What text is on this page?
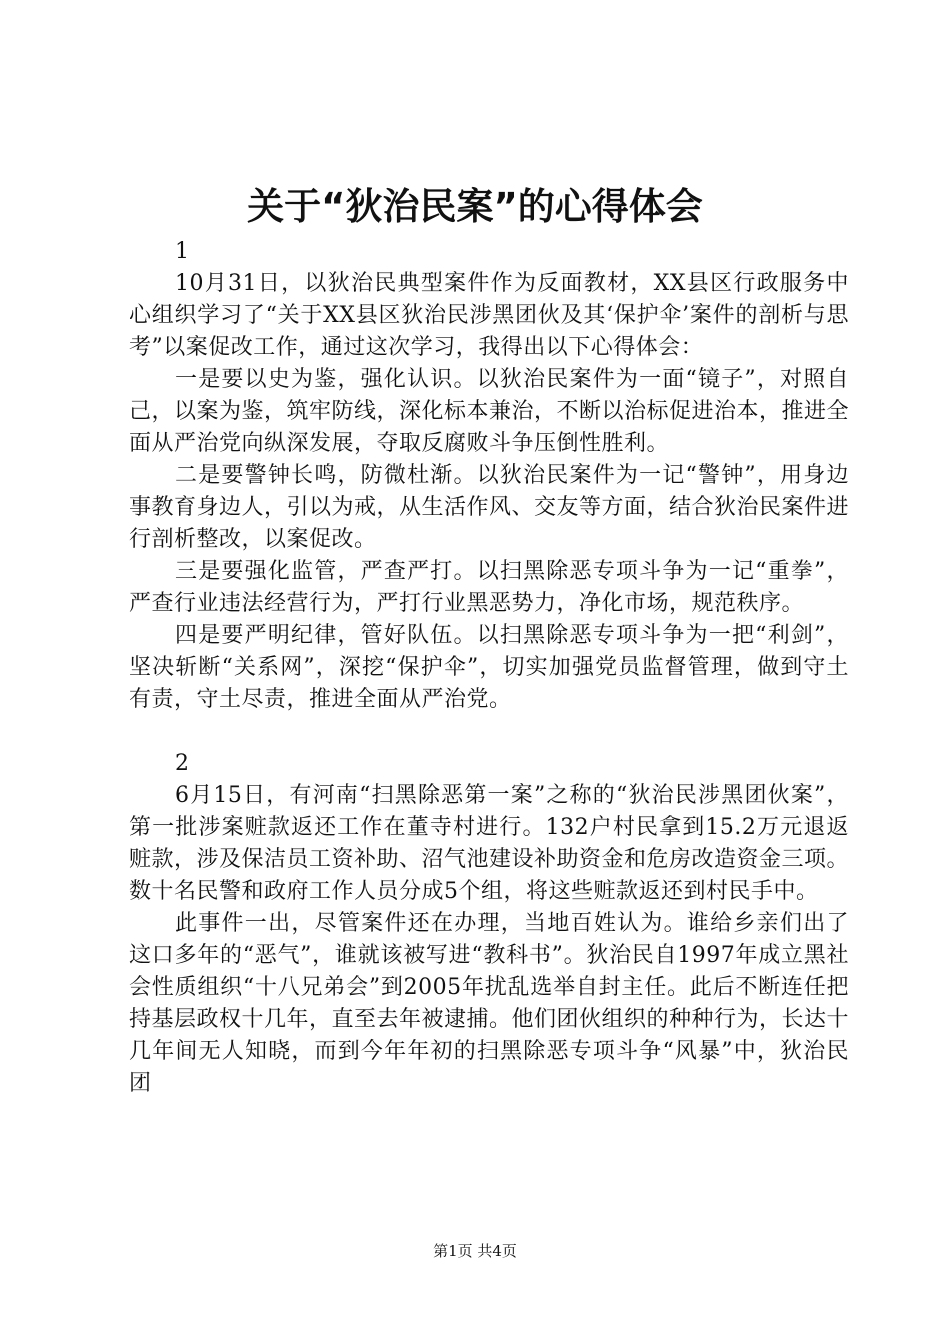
关于“狄治民案”的心得体会

1

10月31日，以狄治民典型案件作为反面教材，XX县区行政服务中心组织学习了“关于XX县区狄治民涉黑团伙及其‘保护伞’案件的剖析与思考”以案促改工作，通过这次学习，我得出以下心得体会：

一是要以史为鉴，强化认识。以狄治民案件为一面“镜子”，对照自己，以案为鉴，筑牢防线，深化标本兼治，不断以治标促进治本，推进全面从严治党向纵深发展，夺取反腐败斗争压倒性胜利。

二是要警钟长鸣，防微杜渐。以狄治民案件为一记“警钟”，用身边事教育身边人，引以为戒，从生活作风、交友等方面，结合狄治民案件进行剖析整改，以案促改。

三是要强化监管，严查严打。以扫黑除恶专项斗争为一记“重拳”，严查行业违法经营行为，严打行业黑恶势力，净化市场，规范秩序。

四是要严明纪律，管好队伍。以扫黑除恶专项斗争为一把“利剑”，坚决斩断“关系网”，深挖“保护伞”，切实加强党员监督管理，做到守土有责，守土尽责，推进全面从严治党。

2

6月15日，有河南“扫黑除恶第一案”之称的“狄治民涉黑团伙案”，第一批涉案赃款返还工作在董寺村进行。132户村民拿到15.2万元退返赃款，涉及保洁员工资补助、沼气池建设补助资金和危房改造资金三项。数十名民警和政府工作人员分成5个组，将这些赃款返还到村民手中。

此事件一出，尽管案件还在办理，当地百姓认为。谁给乡亲们出了这口多年的“恶气”，谁就该被写进“教科书”。狄治民自1997年成立黑社会性质组织“十八兄弟会”到2005年扰乱选举自封主任。此后不断连任把持基层政权十几年，直至去年被逮捕。他们团伙组织的种种行为，长达十几年间无人知晓，而到今年年初的扫黑除恶专项斗争“风暴”中，狄治民团

第1页 共4页
